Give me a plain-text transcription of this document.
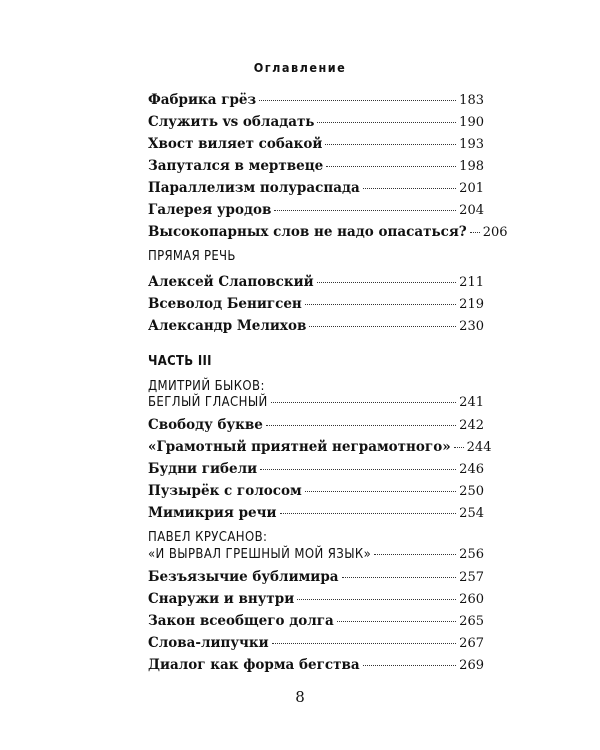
Оглавление
Фабрика грёз	183
Служить vs обладать	190
Хвост виляет собакой	193
Запутался в мертвеце	198
Параллелизм полураспада	201
Галерея уродов	204
Высокопарных слов не надо опасаться? 206
ПРЯМАЯ РЕЧЬ
Алексей Слаповский	211
Всеволод Бенигсен	219
Александр Мелихов	230
ЧАСТЬ III
ДМИТРИЙ БЫКОВ:
БЕГЛЫЙ ГЛАСНЫЙ	241
Свободу букве	242
«Грамотный приятней неграмотного» 244
Будни гибели	246
Пузырёк с голосом	250
Мимикрия речи	254
ПАВЕЛ КРУСАНОВ:
«И ВЫРВАЛ ГРЕШНЫЙ МОЙ ЯЗЫК»	256
Безъязычие бублимира	257
Снаружи и внутри	260
Закон всеобщего долга	265
Слова-липучки	267
Диалог как форма бегства	269
8
